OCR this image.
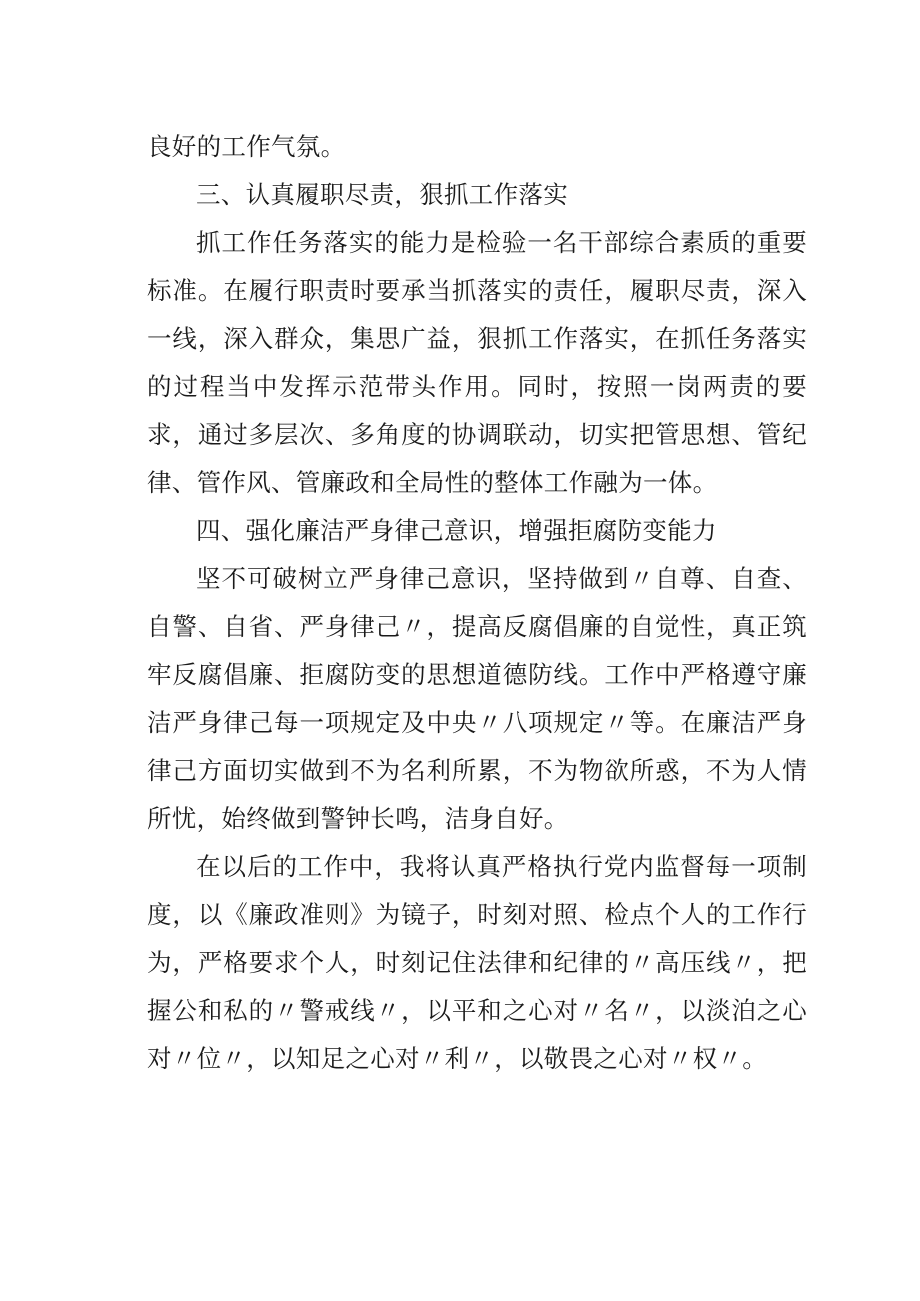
良好的工作气氛。

三、认真履职尽责，狠抓工作落实

抓工作任务落实的能力是检验一名干部综合素质的重要标准。在履行职责时要承当抓落实的责任，履职尽责，深入一线，深入群众，集思广益，狠抓工作落实，在抓任务落实的过程当中发挥示范带头作用。同时，按照一岗两责的要求，通过多层次、多角度的协调联动，切实把管思想、管纪律、管作风、管廉政和全局性的整体工作融为一体。

四、强化廉洁严身律己意识，增强拒腐防变能力

坚不可破树立严身律己意识，坚持做到〃自尊、自查、自警、自省、严身律己〃，提高反腐倡廉的自觉性，真正筑牢反腐倡廉、拒腐防变的思想道德防线。工作中严格遵守廉洁严身律己每一项规定及中央〃八项规定〃等。在廉洁严身律己方面切实做到不为名利所累，不为物欲所惑，不为人情所忧，始终做到警钟长鸣，洁身自好。

在以后的工作中，我将认真严格执行党内监督每一项制度，以《廉政准则》为镜子，时刻对照、检点个人的工作行为，严格要求个人，时刻记住法律和纪律的〃高压线〃，把握公和私的〃警戒线〃，以平和之心对〃名〃，以淡泊之心对〃位〃，以知足之心对〃利〃，以敬畏之心对〃权〃。
